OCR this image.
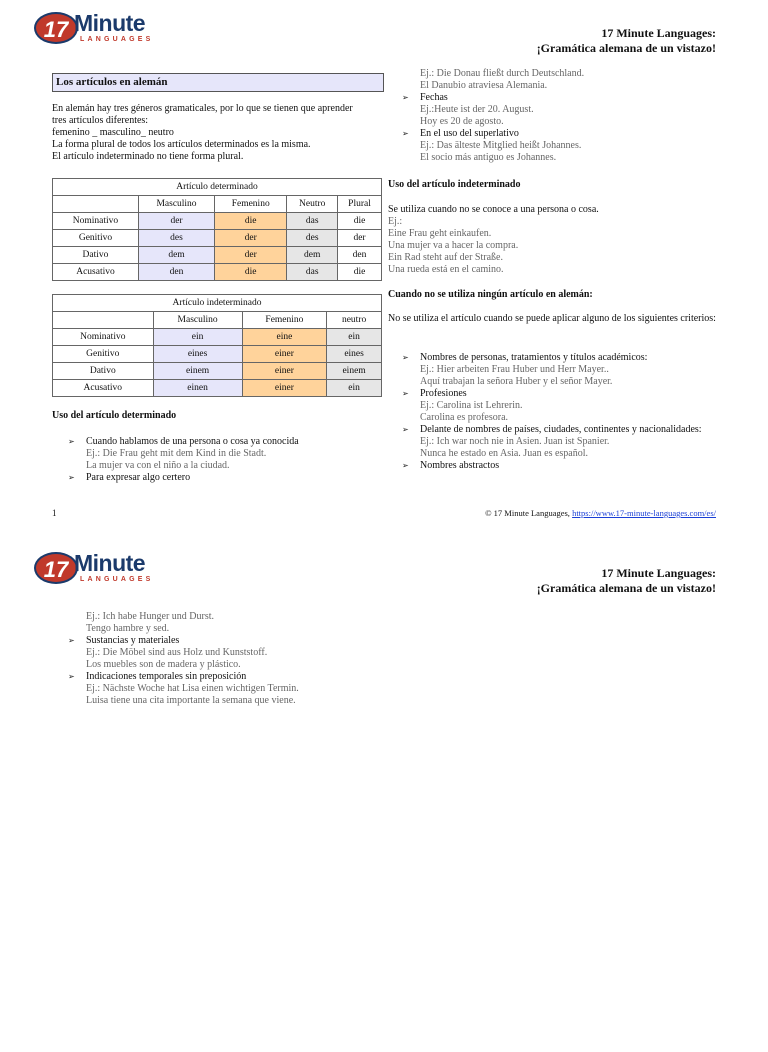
17 Minute
LANGUAGES	17 Minute Languages:
¡Gramática alemana de un vistazo!
Los artículos en alemán
En alemán hay tres géneros gramaticales, por lo que se tienen que aprender
tres artículos diferentes:
femenino _ masculino_ neutro
La forma plural de todos los artículos determinados es la misma.
El artículo indeterminado no tiene forma plural.
Artículo determinado				
	Masculino	Femenino	Neutro	Plural
Nominativo	der	die	das	die
Genitivo	des	der	des	der
Dativo	dem	der	dem	den
Acusativo	den	die	das	die
Artículo indeterminado			
	Masculino	Femenino	neutro
Nominativo	ein	eine	ein
Genitivo	eines	einer	eines
Dativo	einem	einer	einem
Acusativo	einen	einer	ein
Uso del artículo determinado
➢ Cuando hablamos de una persona o cosa ya conocida
Ej.: Die Frau geht mit dem Kind in die Stadt.
La mujer va con el niño a la ciudad.
➢ Para expresar algo certero
Ej.: Die Donau fließt durch Deutschland.
El Danubio atraviesa Alemania.
➢ Fechas
Ej.:Heute ist der 20. August.
Hoy es 20 de agosto.
➢ En el uso del superlativo
Ej.: Das älteste Mitglied heißt Johannes.
El socio más antiguo es Johannes.
Uso del artículo indeterminado
Se utiliza cuando no se conoce a una persona o cosa.
Ej.:
Eine Frau geht einkaufen.
Una mujer va a hacer la compra.
Ein Rad steht auf der Straße.
Una rueda está en el camino.
Cuando no se utiliza ningún artículo en alemán:
No se utiliza el artículo cuando se puede aplicar alguno de los siguientes criterios:
➢ Nombres de personas, tratamientos y títulos académicos:
Ej.: Hier arbeiten Frau Huber und Herr Mayer..
Aquí trabajan la señora Huber y el señor Mayer.
➢ Profesiones
Ej.: Carolina ist Lehrerin.
Carolina es profesora.
➢ Delante de nombres de países, ciudades, continentes y nacionalidades:
Ej.: Ich war noch nie in Asien. Juan ist Spanier.
Nunca he estado en Asia. Juan es español.
➢ Nombres abstractos
1	© 17 Minute Languages, https://www.17-minute-languages.com/es/
17 Minute
LANGUAGES	17 Minute Languages:
¡Gramática alemana de un vistazo!
Ej.: Ich habe Hunger und Durst.
Tengo hambre y sed.
➢ Sustancias y materiales
Ej.: Die Möbel sind aus Holz und Kunststoff.
Los muebles son de madera y plástico.
➢ Indicaciones temporales sin preposición
Ej.: Nächste Woche hat Lisa einen wichtigen Termin.
Luisa tiene una cita importante la semana que viene.
